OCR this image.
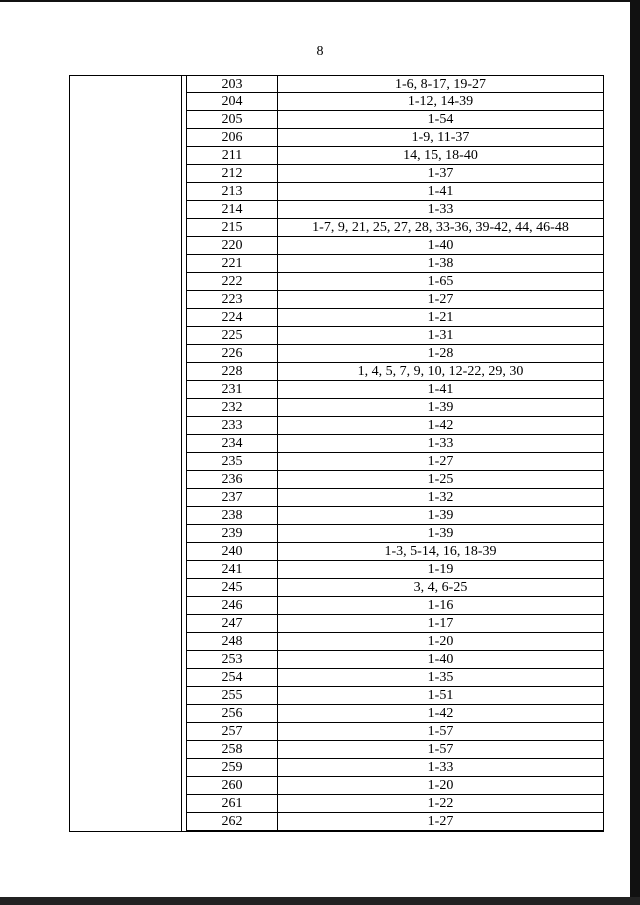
8
203	1-6, 8-17, 19-27
204	1-12, 14-39
205	1-54
206	1-9, 11-37
211	14, 15, 18-40
212	1-37
213	1-41
214	1-33
215	1-7, 9, 21, 25, 27, 28, 33-36, 39-42, 44, 46-48
220	1-40
221	1-38
222	1-65
223	1-27
224	1-21
225	1-31
226	1-28
228	1, 4, 5, 7, 9, 10, 12-22, 29, 30
231	1-41
232	1-39
233	1-42
234	1-33
235	1-27
236	1-25
237	1-32
238	1-39
239	1-39
240	1-3, 5-14, 16, 18-39
241	1-19
245	3, 4, 6-25
246	1-16
247	1-17
248	1-20
253	1-40
254	1-35
255	1-51
256	1-42
257	1-57
258	1-57
259	1-33
260	1-20
261	1-22
262	1-27
